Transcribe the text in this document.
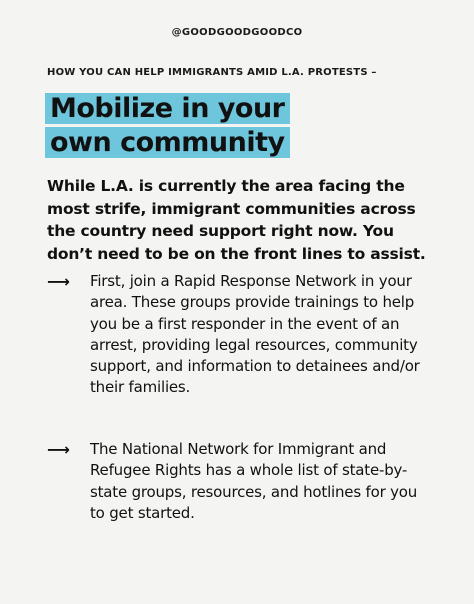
@GOODGOODGOODCO
HOW YOU CAN HELP IMMIGRANTS AMID L.A. PROTESTS –
Mobilize in your
own community
While L.A. is currently the area facing the most strife, immigrant communities across the country need support right now. You don’t need to be on the front lines to assist.
⟶ First, join a Rapid Response Network in your area. These groups provide trainings to help you be a first responder in the event of an arrest, providing legal resources, community support, and information to detainees and/or their families.
⟶ The National Network for Immigrant and Refugee Rights has a whole list of state-by-state groups, resources, and hotlines for you to get started.
